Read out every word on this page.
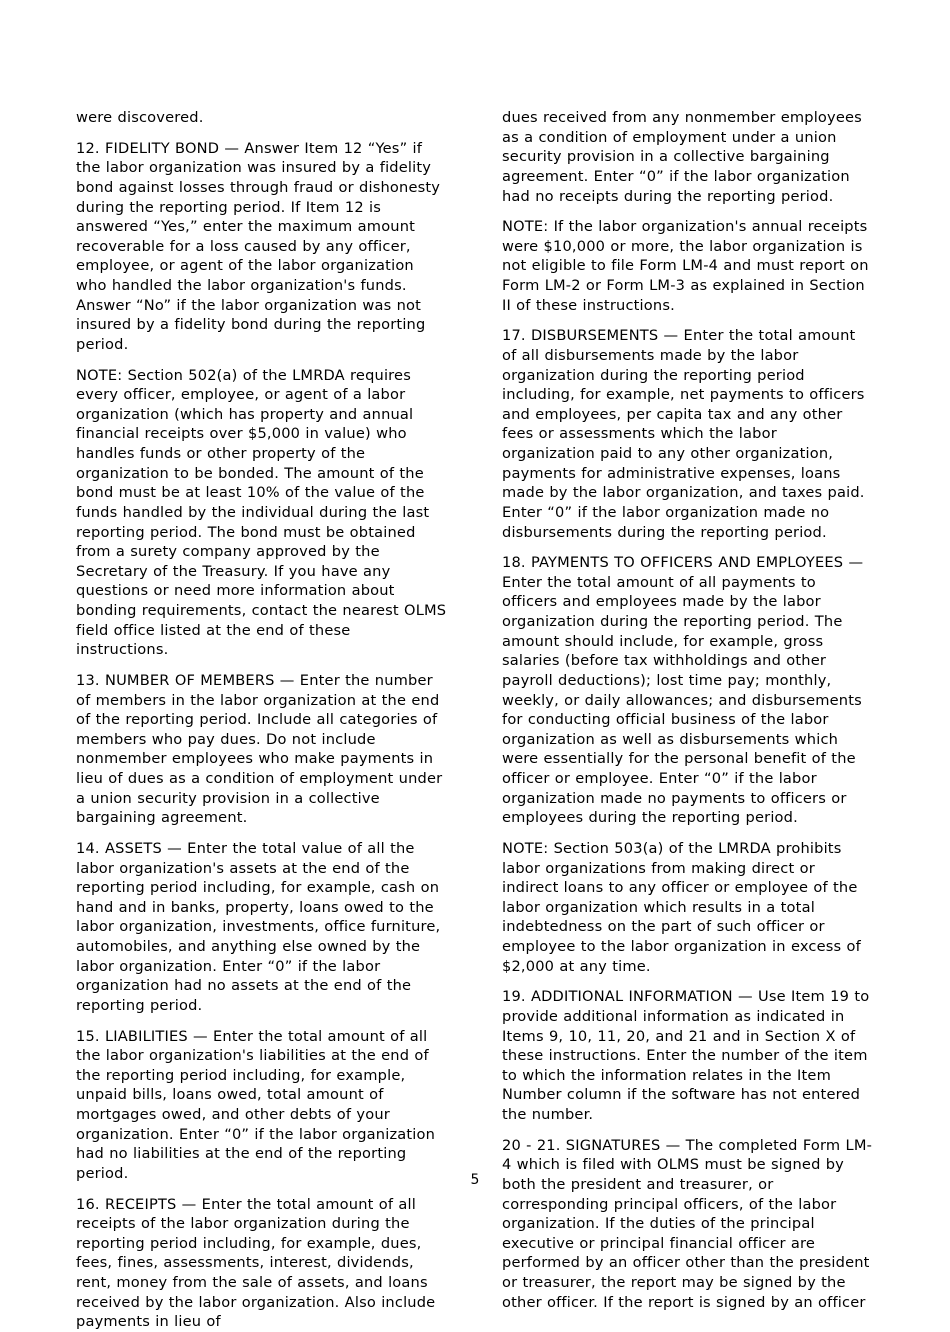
were discovered.

12. FIDELITY BOND — Answer Item 12 “Yes” if the labor organization was insured by a fidelity bond against losses through fraud or dishonesty during the reporting period. If Item 12 is answered “Yes,” enter the maximum amount recoverable for a loss caused by any officer, employee, or agent of the labor organization who handled the labor organization's funds. Answer “No” if the labor organization was not insured by a fidelity bond during the reporting period.

NOTE: Section 502(a) of the LMRDA requires every officer, employee, or agent of a labor organization (which has property and annual financial receipts over $5,000 in value) who handles funds or other property of the organization to be bonded. The amount of the bond must be at least 10% of the value of the funds handled by the individual during the last reporting period. The bond must be obtained from a surety company approved by the Secretary of the Treasury. If you have any questions or need more information about bonding requirements, contact the nearest OLMS field office listed at the end of these instructions.

13. NUMBER OF MEMBERS — Enter the number of members in the labor organization at the end of the reporting period. Include all categories of members who pay dues. Do not include nonmember employees who make payments in lieu of dues as a condition of employment under a union security provision in a collective bargaining agreement.

14. ASSETS — Enter the total value of all the labor organization's assets at the end of the reporting period including, for example, cash on hand and in banks, property, loans owed to the labor organization, investments, office furniture, automobiles, and anything else owned by the labor organization. Enter “0” if the labor organization had no assets at the end of the reporting period.

15. LIABILITIES — Enter the total amount of all the labor organization's liabilities at the end of the reporting period including, for example, unpaid bills, loans owed, total amount of mortgages owed, and other debts of your organization. Enter “0” if the labor organization had no liabilities at the end of the reporting period.

16. RECEIPTS — Enter the total amount of all receipts of the labor organization during the reporting period including, for example, dues, fees, fines, assessments, interest, dividends, rent, money from the sale of assets, and loans received by the labor organization. Also include payments in lieu of

dues received from any nonmember employees as a condition of employment under a union security provision in a collective bargaining agreement. Enter “0” if the labor organization had no receipts during the reporting period.

NOTE: If the labor organization's annual receipts were $10,000 or more, the labor organization is not eligible to file Form LM-4 and must report on Form LM-2 or Form LM-3 as explained in Section II of these instructions.

17. DISBURSEMENTS — Enter the total amount of all disbursements made by the labor organization during the reporting period including, for example, net payments to officers and employees, per capita tax and any other fees or assessments which the labor organization paid to any other organization, payments for administrative expenses, loans made by the labor organization, and taxes paid. Enter “0” if the labor organization made no disbursements during the reporting period.

18. PAYMENTS TO OFFICERS AND EMPLOYEES — Enter the total amount of all payments to officers and employees made by the labor organization during the reporting period. The amount should include, for example, gross salaries (before tax withholdings and other payroll deductions); lost time pay; monthly, weekly, or daily allowances; and disbursements for conducting official business of the labor organization as well as disbursements which were essentially for the personal benefit of the officer or employee. Enter “0” if the labor organization made no payments to officers or employees during the reporting period.

NOTE: Section 503(a) of the LMRDA prohibits labor organizations from making direct or indirect loans to any officer or employee of the labor organization which results in a total indebtedness on the part of such officer or employee to the labor organization in excess of $2,000 at any time.

19. ADDITIONAL INFORMATION — Use Item 19 to provide additional information as indicated in Items 9, 10, 11, 20, and 21 and in Section X of these instructions. Enter the number of the item to which the information relates in the Item Number column if the software has not entered the number.

20 - 21. SIGNATURES — The completed Form LM-4 which is filed with OLMS must be signed by both the president and treasurer, or corresponding principal officers, of the labor organization. If the duties of the principal executive or principal financial officer are performed by an officer other than the president or treasurer, the report may be signed by the other officer. If the report is signed by an officer

5
